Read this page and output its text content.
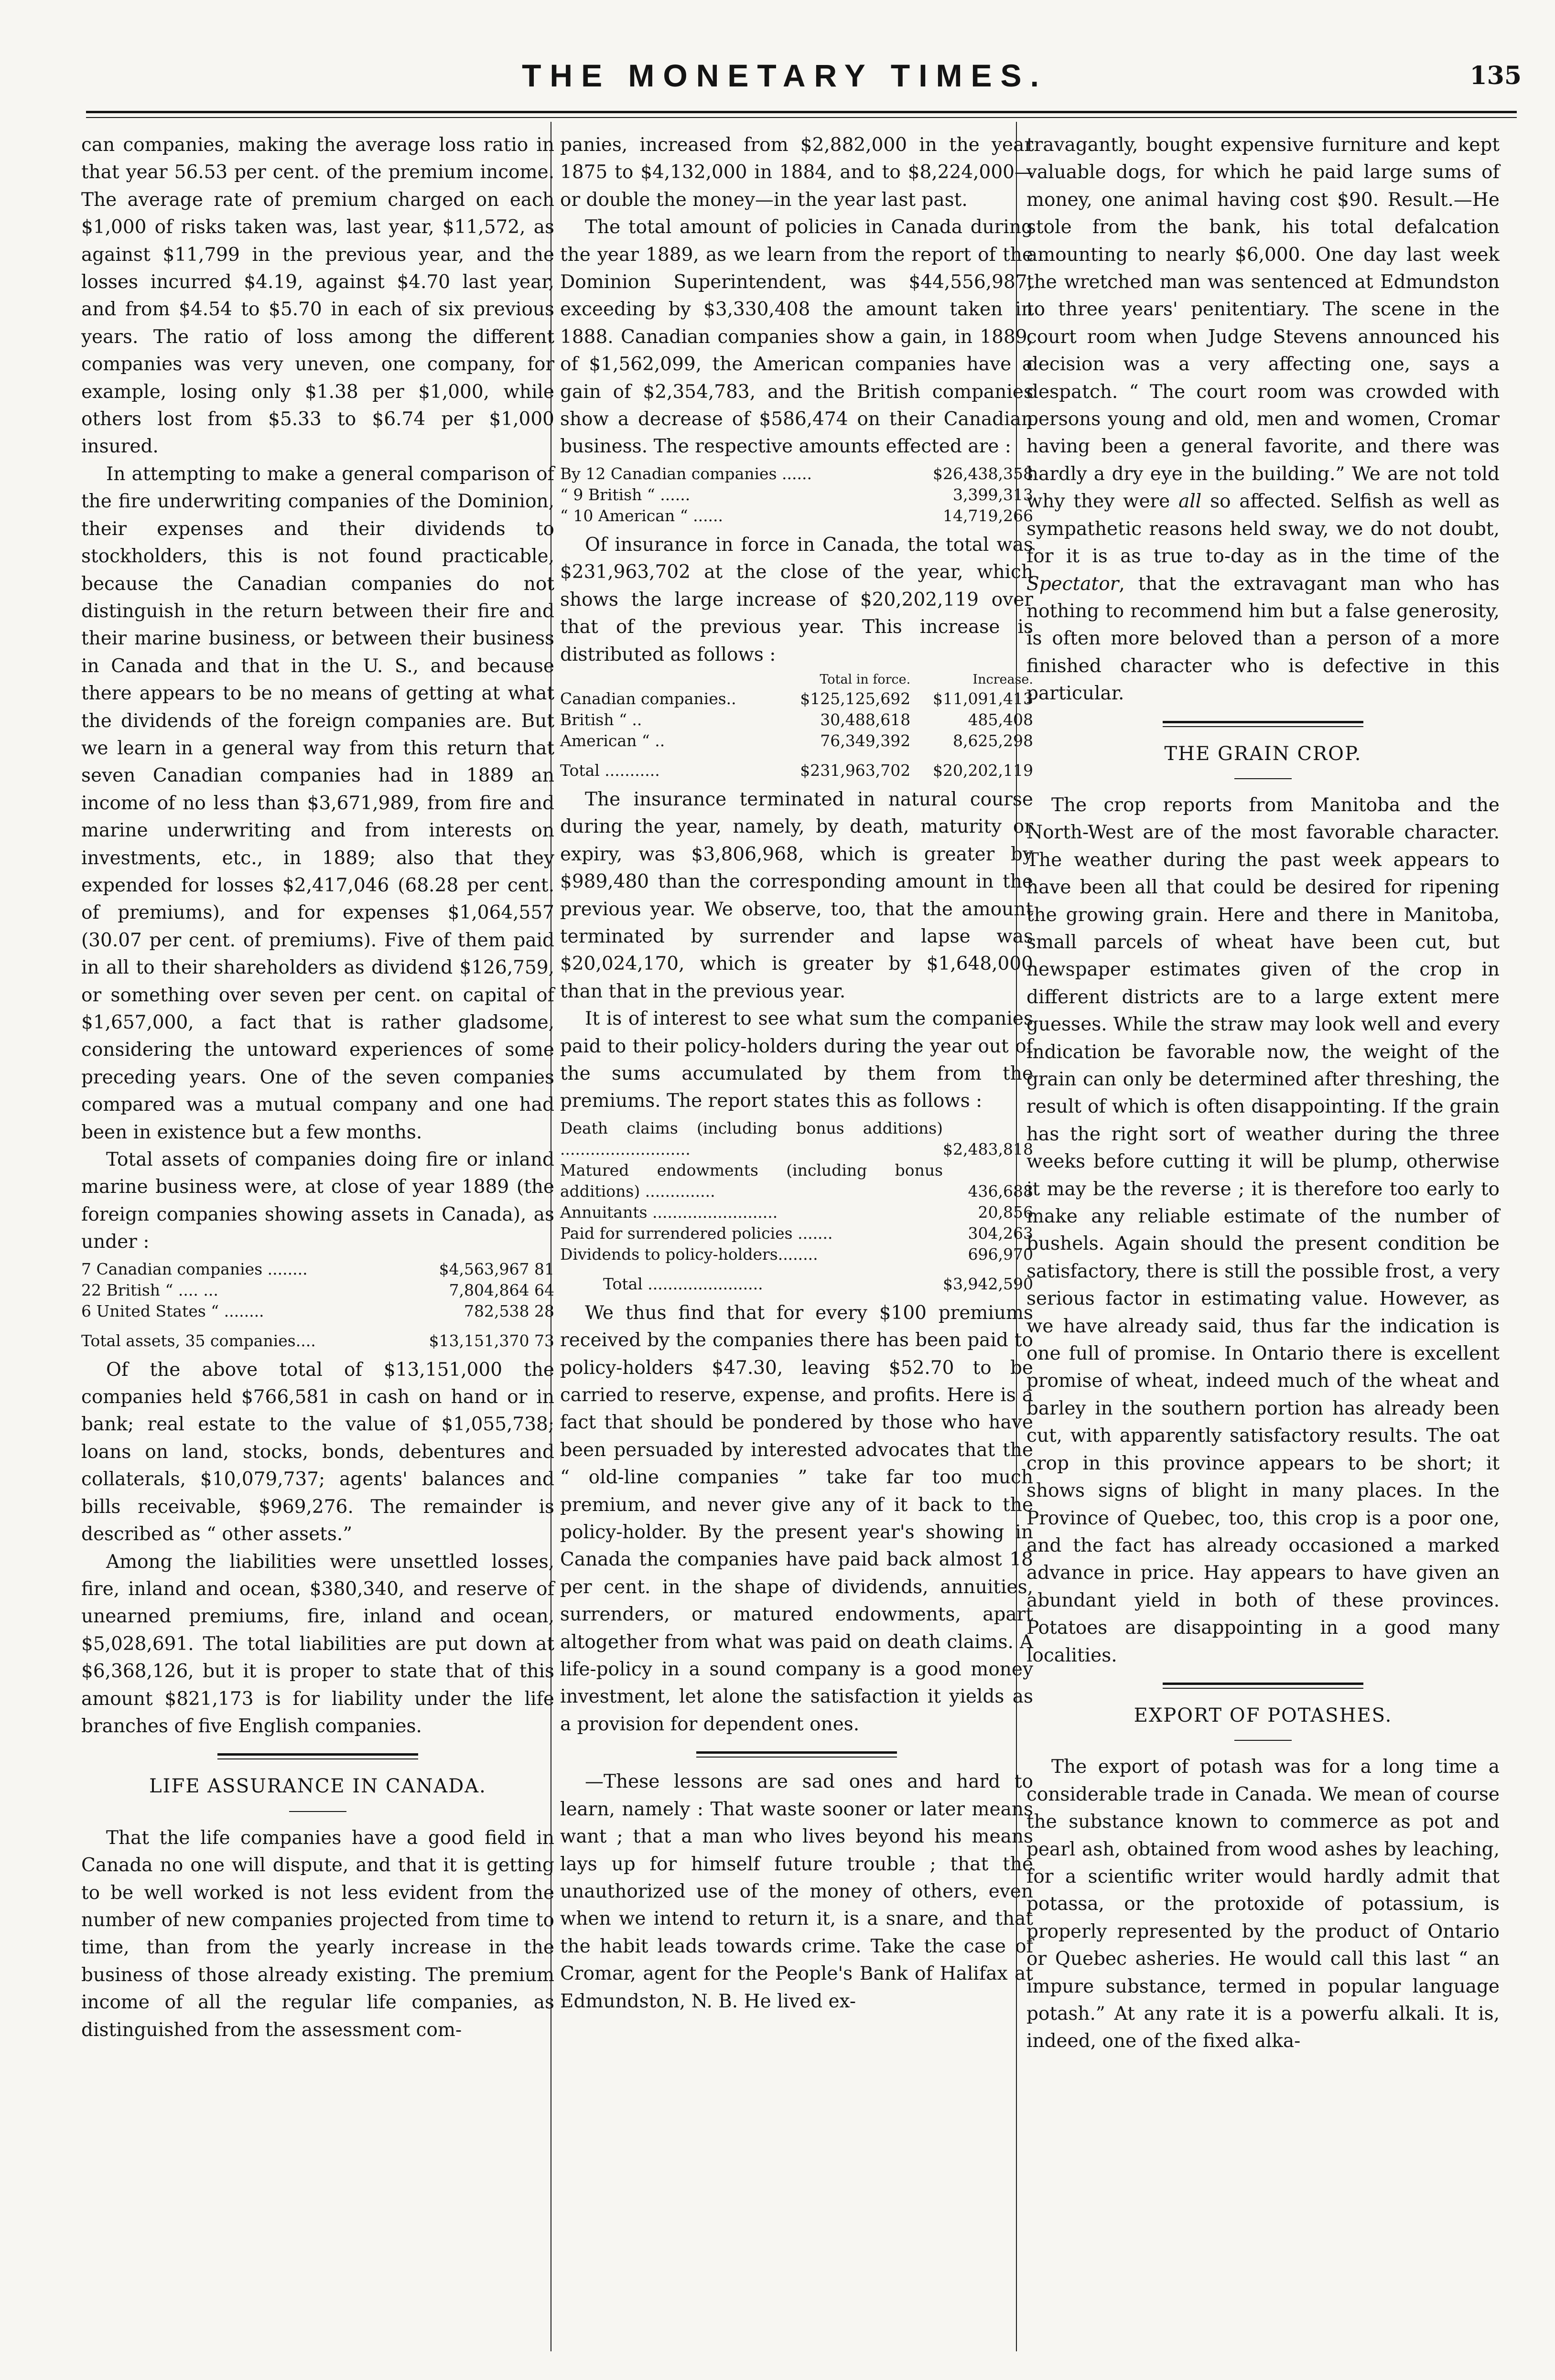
THE MONETARY TIMES.	135

can companies, making the average loss ratio in that year 56.53 per cent. of the premium income. The average rate of premium charged on each $1,000 of risks taken was, last year, $11,572, as against $11,799 in the previous year, and the losses incurred $4.19, against $4.70 last year, and from $4.54 to $5.70 in each of six previous years. The ratio of loss among the different companies was very uneven, one company, for example, losing only $1.38 per $1,000, while others lost from $5.33 to $6.74 per $1,000 insured.

In attempting to make a general comparison of the fire underwriting companies of the Dominion, their expenses and their dividends to stockholders, this is not found practicable, because the Canadian companies do not distinguish in the return between their fire and their marine business, or between their business in Canada and that in the U. S., and because there appears to be no means of getting at what the dividends of the foreign companies are. But we learn in a general way from this return that seven Canadian companies had in 1889 an income of no less than $3,671,989, from fire and marine underwriting and from interests on investments, etc., in 1889; also that they expended for losses $2,417,046 (68.28 per cent. of premiums), and for expenses $1,064,557 (30.07 per cent. of premiums). Five of them paid in all to their shareholders as dividend $126,759, or something over seven per cent. on capital of $1,657,000, a fact that is rather gladsome, considering the untoward experiences of some preceding years. One of the seven companies compared was a mutual company and one had been in existence but a few months.

Total assets of companies doing fire or inland marine business were, at close of year 1889 (the foreign companies showing assets in Canada), as under :

7 Canadian companies ........	$4,563,967 81
22 British “ .... ...	7,804,864 64
6 United States “ ........	782,538 28
Total assets, 35 companies....	$13,151,370 73

Of the above total of $13,151,000 the companies held $766,581 in cash on hand or in bank; real estate to the value of $1,055,738; loans on land, stocks, bonds, debentures and collaterals, $10,079,737; agents' balances and bills receivable, $969,276. The remainder is described as “ other assets.”

Among the liabilities were unsettled losses, fire, inland and ocean, $380,340, and reserve of unearned premiums, fire, inland and ocean, $5,028,691. The total liabilities are put down at $6,368,126, but it is proper to state that of this amount $821,173 is for liability under the life branches of five English companies.

LIFE ASSURANCE IN CANADA.

That the life companies have a good field in Canada no one will dispute, and that it is getting to be well worked is not less evident from the number of new companies projected from time to time, than from the yearly increase in the business of those already existing. The premium income of all the regular life companies, as distinguished from the assessment com-

panies, increased from $2,882,000 in the year 1875 to $4,132,000 in 1884, and to $8,224,000—or double the money—in the year last past.

The total amount of policies in Canada during the year 1889, as we learn from the report of the Dominion Superintendent, was $44,556,987, exceeding by $3,330,408 the amount taken in 1888. Canadian companies show a gain, in 1889, of $1,562,099, the American companies have a gain of $2,354,783, and the British companies show a decrease of $586,474 on their Canadian business. The respective amounts effected are :

By 12 Canadian companies ......	$26,438,358
“ 9 British “ ......	3,399,313
“ 10 American “ ......	14,719,266

Of insurance in force in Canada, the total was $231,963,702 at the close of the year, which shows the large increase of $20,202,119 over that of the previous year. This increase is distributed as follows :

	Total in force.	Increase.
Canadian companies..	$125,125,692	$11,091,413
British “ ..	30,488,618	485,408
American “ ..	76,349,392	8,625,298
Total ...........	$231,963,702	$20,202,119

The insurance terminated in natural course during the year, namely, by death, maturity or expiry, was $3,806,968, which is greater by $989,480 than the corresponding amount in the previous year. We observe, too, that the amount terminated by surrender and lapse was $20,024,170, which is greater by $1,648,000 than that in the previous year.

It is of interest to see what sum the companies paid to their policy-holders during the year out of the sums accumulated by them from the premiums. The report states this as follows :

Death claims (including bonus additions) ..........................	$2,483,818
Matured endowments (including bonus additions) ..............	436,688
Annuitants .........................	20,856
Paid for surrendered policies .......	304,263
Dividends to policy-holders........	696,970
Total .......................	$3,942,590

We thus find that for every $100 premiums received by the companies there has been paid to policy-holders $47.30, leaving $52.70 to be carried to reserve, expense, and profits. Here is a fact that should be pondered by those who have been persuaded by interested advocates that the “ old-line companies ” take far too much premium, and never give any of it back to the policy-holder. By the present year's showing in Canada the companies have paid back almost 18 per cent. in the shape of dividends, annuities, surrenders, or matured endowments, apart altogether from what was paid on death claims. A life-policy in a sound company is a good money investment, let alone the satisfaction it yields as a provision for dependent ones.

—These lessons are sad ones and hard to learn, namely : That waste sooner or later means want ; that a man who lives beyond his means lays up for himself future trouble ; that the unauthorized use of the money of others, even when we intend to return it, is a snare, and that the habit leads towards crime. Take the case of Cromar, agent for the People's Bank of Halifax at Edmundston, N. B. He lived ex-

travagantly, bought expensive furniture and kept valuable dogs, for which he paid large sums of money, one animal having cost $90. Result.—He stole from the bank, his total defalcation amounting to nearly $6,000. One day last week the wretched man was sentenced at Edmundston to three years' penitentiary. The scene in the court room when Judge Stevens announced his decision was a very affecting one, says a despatch. “ The court room was crowded with persons young and old, men and women, Cromar having been a general favorite, and there was hardly a dry eye in the building.” We are not told why they were all so affected. Selfish as well as sympathetic reasons held sway, we do not doubt, for it is as true to-day as in the time of the Spectator, that the extravagant man who has nothing to recommend him but a false generosity, is often more beloved than a person of a more finished character who is defective in this particular.

THE GRAIN CROP.

The crop reports from Manitoba and the North-West are of the most favorable character. The weather during the past week appears to have been all that could be desired for ripening the growing grain. Here and there in Manitoba, small parcels of wheat have been cut, but newspaper estimates given of the crop in different districts are to a large extent mere guesses. While the straw may look well and every indication be favorable now, the weight of the grain can only be determined after threshing, the result of which is often disappointing. If the grain has the right sort of weather during the three weeks before cutting it will be plump, otherwise it may be the reverse ; it is therefore too early to make any reliable estimate of the number of bushels. Again should the present condition be satisfactory, there is still the possible frost, a very serious factor in estimating value. However, as we have already said, thus far the indication is one full of promise. In Ontario there is excellent promise of wheat, indeed much of the wheat and barley in the southern portion has already been cut, with apparently satisfactory results. The oat crop in this province appears to be short; it shows signs of blight in many places. In the Province of Quebec, too, this crop is a poor one, and the fact has already occasioned a marked advance in price. Hay appears to have given an abundant yield in both of these provinces. Potatoes are disappointing in a good many localities.

EXPORT OF POTASHES.

The export of potash was for a long time a considerable trade in Canada. We mean of course the substance known to commerce as pot and pearl ash, obtained from wood ashes by leaching, for a scientific writer would hardly admit that potassa, or the protoxide of potassium, is properly represented by the product of Ontario or Quebec asheries. He would call this last “ an impure substance, termed in popular language potash.” At any rate it is a powerfu alkali. It is, indeed, one of the fixed alka-
